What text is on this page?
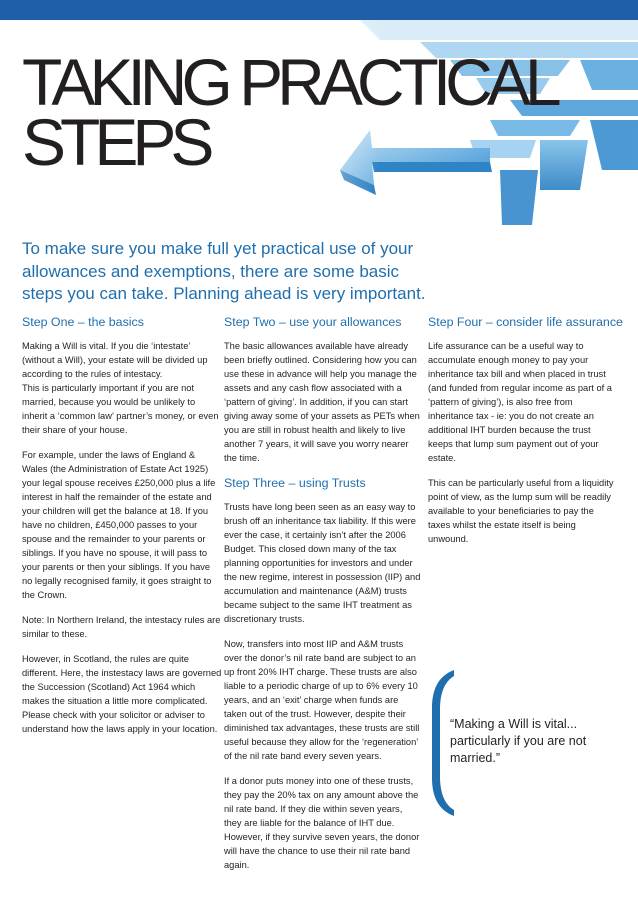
TAKING PRACTICAL
STEPS

To make sure you make full yet practical use of your allowances and exemptions, there are some basic steps you can take. Planning ahead is very important.

Step One – the basics

Making a Will is vital. If you die ‘intestate’ (without a Will), your estate will be divided up according to the rules of intestacy.

This is particularly important if you are not married, because you would be unlikely to inherit a ‘common law’ partner’s money, or even their share of your house.

For example, under the laws of England & Wales (the Administration of Estate Act 1925) your legal spouse receives £250,000 plus a life interest in half the remainder of the estate and your children will get the balance at 18. If you have no children, £450,000 passes to your spouse and the remainder to your parents or siblings. If you have no spouse, it will pass to your parents or then your siblings. If you have no legally recognised family, it goes straight to the Crown.

Note: In Northern Ireland, the intestacy rules are similar to these.

However, in Scotland, the rules are quite different. Here, the instestacy laws are governed the Succession (Scotland) Act 1964 which makes the situation a little more complicated. Please check with your solicitor or adviser to understand how the laws apply in your location.

Step Two – use your allowances

The basic allowances available have already been briefly outlined. Considering how you can use these in advance will help you manage the assets and any cash flow associated with a ‘pattern of giving’. In addition, if you can start giving away some of your assets as PETs when you are still in robust health and likely to live another 7 years, it will save you worry nearer the time.

Step Three – using Trusts

Trusts have long been seen as an easy way to brush off an inheritance tax liability. If this were ever the case, it certainly isn’t after the 2006 Budget. This closed down many of the tax planning opportunities for investors and under the new regime, interest in possession (IIP) and accumulation and maintenance (A&M) trusts became subject to the same IHT treatment as discretionary trusts.

Now, transfers into most IIP and A&M trusts over the donor’s nil rate band are subject to an up front 20% IHT charge. These trusts are also liable to a periodic charge of up to 6% every 10 years, and an ‘exit’ charge when funds are taken out of the trust. However, despite their diminished tax advantages, these trusts are still useful because they allow for the ‘regeneration’ of the nil rate band every seven years.

If a donor puts money into one of these trusts, they pay the 20% tax on any amount above the nil rate band. If they die within seven years, they are liable for the balance of IHT due. However, if they survive seven years, the donor will have the chance to use their nil rate band again.

Step Four – consider life assurance

Life assurance can be a useful way to accumulate enough money to pay your inheritance tax bill and when placed in trust (and funded from regular income as part of a ‘pattern of giving’), is also free from inheritance tax - ie: you do not create an additional IHT burden because the trust keeps that lump sum payment out of your estate.

This can be particularly useful from a liquidity point of view, as the lump sum will be readily available to your beneficiaries to pay the taxes whilst the estate itself is being unwound.

“Making a Will is vital... particularly if you are not married.”
